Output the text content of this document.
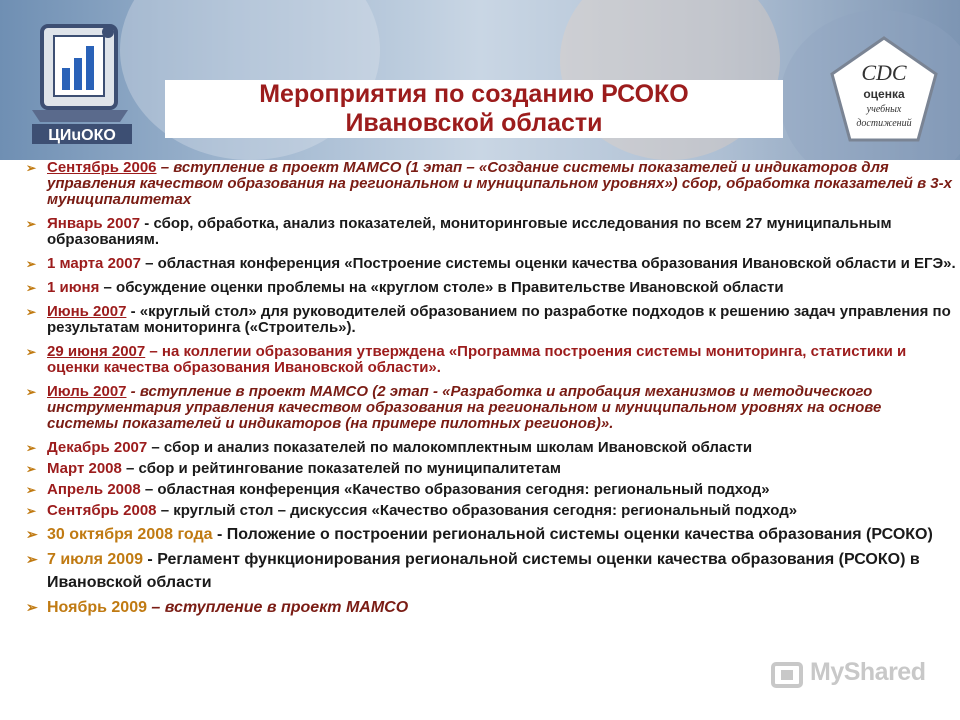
ЦИuОКО
CDC
оценка
учебных
достижений
Мероприятия по созданию РСОКО
Ивановской области
➢ Сентябрь 2006 – вступление в проект МАМСО (1 этап – «Создание системы показателей и индикаторов для управления качеством образования на региональном и муниципальном уровнях») сбор, обработка показателей в 3-х муниципалитетах
➢ Январь 2007 - сбор, обработка, анализ показателей, мониторинговые исследования по всем 27 муниципальным образованиям.
➢ 1 марта 2007 – областная конференция «Построение системы оценки качества образования Ивановской области и ЕГЭ».
➢ 1 июня – обсуждение оценки проблемы на «круглом столе» в Правительстве Ивановской области
➢ Июнь 2007 - «круглый стол» для руководителей образованием по разработке подходов к решению задач управления по результатам мониторинга («Строитель»).
➢ 29 июня 2007 – на коллегии образования утверждена «Программа построения системы мониторинга, статистики и оценки качества образования Ивановской области».
➢ Июль 2007 - вступление в проект МАМСО (2 этап - «Разработка и апробация механизмов и методического инструментария управления качеством образования на региональном и муниципальном уровнях на основе системы показателей и индикаторов (на примере пилотных регионов)».
➢ Декабрь 2007 – сбор и анализ показателей по малокомплектным школам Ивановской области
➢ Март 2008 – сбор и рейтингование показателей по муниципалитетам
➢ Апрель 2008 – областная конференция «Качество образования сегодня: региональный подход»
➢ Сентябрь 2008 – круглый стол – дискуссия «Качество образования сегодня: региональный подход»
➢ 30 октября 2008 года - Положение о построении региональной системы оценки качества образования (РСОКО)
➢ 7 июля 2009 - Регламент функционирования региональной системы оценки качества образования (РСОКО) в Ивановской области
➢ Ноябрь 2009 – вступление в проект МАМСО
MyShared
